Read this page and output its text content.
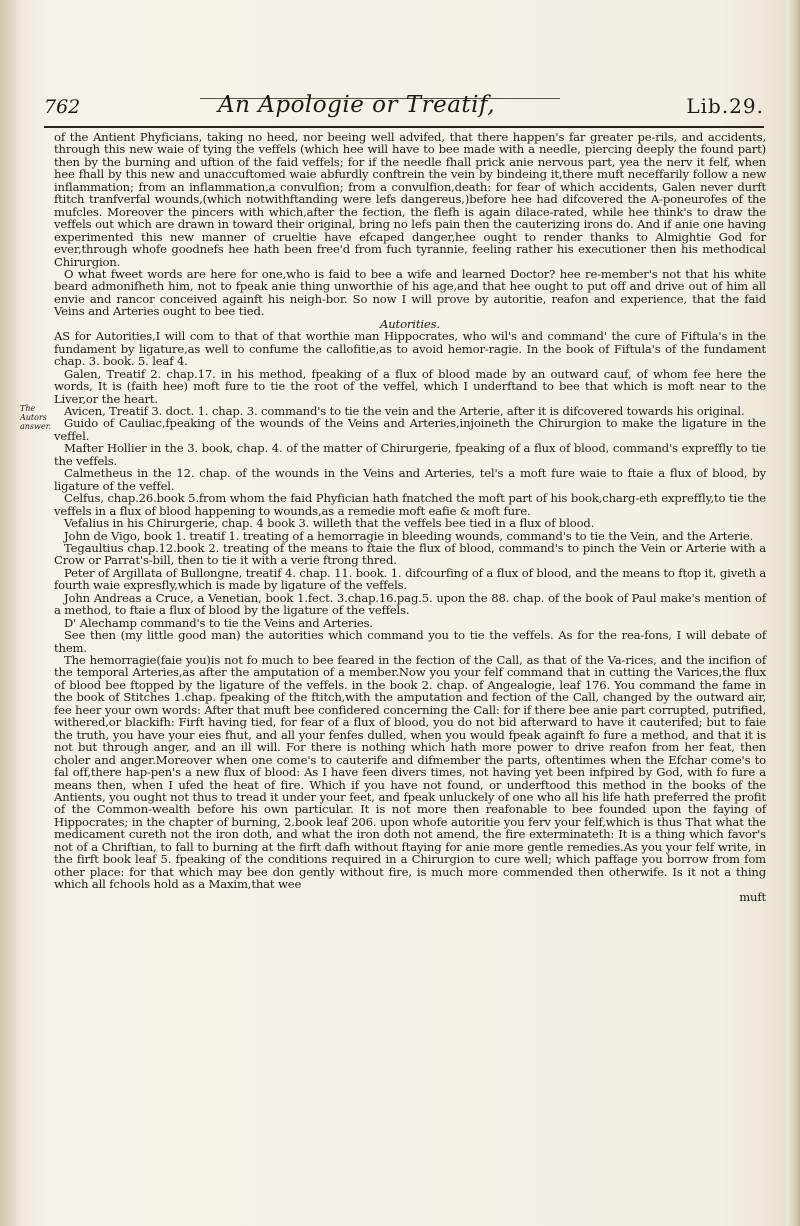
762	An Apologie or Treatif,	Lib.29.
The Autors answer.

of the Antient Phyficians, taking no heed, nor beeing well advifed, that there happen's far greater pe-rils, and accidents, through this new waie of tying the veffels (which hee will have to bee made with a needle, piercing deeply the found part) then by the burning and uftion of the faid veffels; for if the needle fhall prick anie nervous part, yea the nerv it felf, when hee fhall by this new and unaccuftomed waie abfurdly conftrein the vein by bindeing it,there muft neceffarily follow a new inflammation; from an inflammation,a convulfion; from a convulfion,death: for fear of which accidents, Galen never durft ftitch tranfverfal wounds,(which notwithftanding were lefs dangereus,)before hee had difcovered the A-poneurofes of the mufcles. Moreover the pincers with which,after the fection, the flefh is again dilace-rated, while hee think's to draw the veffels out which are drawn in toward their original, bring no lefs pain then the cauterizing irons do. And if anie one having experimented this new manner of crueltie have efcaped danger,hee ought to render thanks to Almightie God for ever,through whofe goodnefs hee hath been free'd from fuch tyrannie, feeling rather his executioner then his methodical Chirurgion.

O what fweet words are here for one,who is faid to bee a wife and learned Doctor? hee re-member's not that his white beard admonifheth him, not to fpeak anie thing unworthie of his age,and that hee ought to put off and drive out of him all envie and rancor conceived againft his neigh-bor. So now I will prove by autoritie, reafon and experience, that the faid Veins and Arteries ought to bee tied.

Autorities.

AS for Autorities,I will com to that of that worthie man Hippocrates, who wil's and command' the cure of Fiftula's in the fundament by ligature,as well to confume the callofitie,as to avoid hemor-ragie. In the book of Fiftula's of the fundament chap. 3. book. 5. leaf 4.

Galen, Treatif 2. chap.17. in his method, fpeaking of a flux of blood made by an outward cauf, of whom fee here the words, It is (faith hee) moft fure to tie the root of the veffel, which I underftand to bee that which is moft near to the Liver,or the heart.

Avicen, Treatif 3. doct. 1. chap. 3. command's to tie the vein and the Arterie, after it is difcovered towards his original.

Guido of Cauliac,fpeaking of the wounds of the Veins and Arteries,injoineth the Chirurgion to make the ligature in the veffel.

Mafter Hollier in the 3. book, chap. 4. of the matter of Chirurgerie, fpeaking of a flux of blood, command's expreffly to tie the veffels.

Calmetheus in the 12. chap. of the wounds in the Veins and Arteries, tel's a moft fure waie to ftaie a flux of blood, by ligature of the veffel.

Celfus, chap.26.book 5.from whom the faid Phyfician hath fnatched the moft part of his book,charg-eth expreffly,to tie the veffels in a flux of blood happening to wounds,as a remedie moft eafie & moft fure.

Vefalius in his Chirurgerie, chap. 4 book 3. willeth that the veffels bee tied in a flux of blood.

John de Vigo, book 1. treatif 1. treating of a hemorragie in bleeding wounds, command's to tie the Vein, and the Arterie.

Tegaultius chap.12.book 2. treating of the means to ftaie the flux of blood, command's to pinch the Vein or Arterie with a Crow or Parrat's-bill, then to tie it with a verie ftrong thred.

Peter of Argillata of Bullongne, treatif 4. chap. 11. book. 1. difcourfing of a flux of blood, and the means to ftop it, giveth a fourth waie expresfly,which is made by ligature of the veffels.

John Andreas a Cruce, a Venetian, book 1.fect. 3.chap.16.pag.5. upon the 88. chap. of the book of Paul make's mention of a method, to ftaie a flux of blood by the ligature of the veffels.

D' Alechamp command's to tie the Veins and Arteries.

See then (my little good man) the autorities which command you to tie the veffels. As for the rea-fons, I will debate of them.

The hemorragie(faie you)is not fo much to bee feared in the fection of the Call, as that of the Va-rices, and the incifion of the temporal Arteries,as after the amputation of a member.Now you your felf command that in cutting the Varices,the flux of blood bee ftopped by the ligature of the veffels. in the book 2. chap. of Angealogie, leaf 176. You command the fame in the book of Stitches 1.chap. fpeaking of the ftitch,with the amputation and fection of the Call, changed by the outward air, fee heer your own words: After that muft bee confidered concerning the Call: for if there bee anie part corrupted, putrified, withered,or blackifh: Firft having tied, for fear of a flux of blood, you do not bid afterward to have it cauterifed; but to faie the truth, you have your eies fhut, and all your fenfes dulled, when you would fpeak againft fo fure a method, and that it is not but through anger, and an ill will. For there is nothing which hath more power to drive reafon from her feat, then choler and anger.Moreover when one come's to cauterife and difmember the parts, oftentimes when the Efchar come's to fal off,there hap-pen's a new flux of blood: As I have feen divers times, not having yet been infpired by God, with fo fure a means then, when I ufed the heat of fire. Which if you have not found, or underftood this method in the books of the Antients, you ought not thus to tread it under your feet, and fpeak unluckely of one who all his life hath preferred the profit of the Common-wealth before his own particular. It is not more then reafonable to bee founded upon the faying of Hippocrates; in the chapter of burning, 2.book leaf 206. upon whofe autoritie you ferv your felf,which is thus That what the medicament cureth not the iron doth, and what the iron doth not amend, the fire exterminateth: It is a thing which favor's not of a Chriftian, to fall to burning at the firft dafh without ftaying for anie more gentle remedies.As you your felf write, in the firft book leaf 5. fpeaking of the conditions required in a Chirurgion to cure well; which paffage you borrow from fom other place: for that which may bee don gently without fire, is much more commended then otherwife. Is it not a thing which all fchools hold as a Maxim,that wee

muft
